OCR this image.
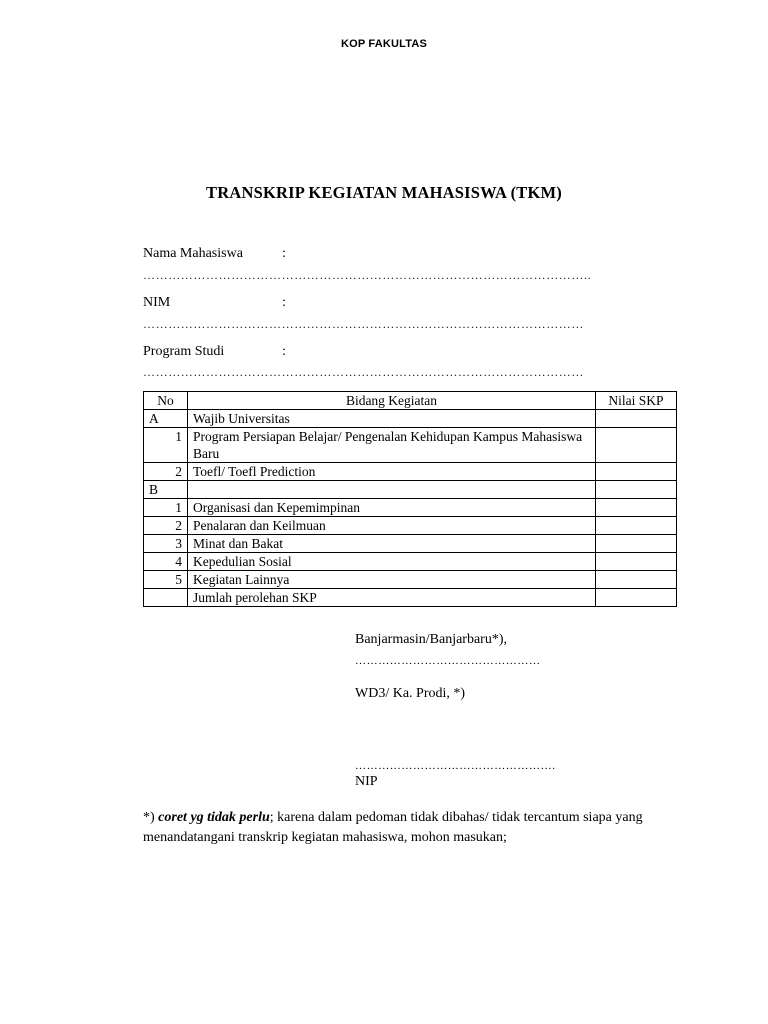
KOP FAKULTAS
TRANSKRIP KEGIATAN MAHASISWA (TKM)
Nama Mahasiswa	:
……………………………………………………………………………………………..
NIM	:
……………………………………………………………………………………………
Program Studi	:
……………………………………………………………………………………………
No	Bidang Kegiatan	Nilai SKP
A	Wajib Universitas	
1	Program Persiapan Belajar/ Pengenalan Kehidupan Kampus Mahasiswa Baru	
2	Toefl/ Toefl Prediction	
B		
1	Organisasi dan Kepemimpinan	
2	Penalaran dan Keilmuan	
3	Minat dan Bakat	
4	Kepedulian Sosial	
5	Kegiatan Lainnya	
	Jumlah perolehan SKP	
Banjarmasin/Banjarbaru*),
…………………………………………
WD3/ Ka. Prodi, *)
…………………………………………….
NIP
*) coret yg tidak perlu; karena dalam pedoman tidak dibahas/ tidak tercantum siapa yang menandatangani transkrip kegiatan mahasiswa, mohon masukan;
